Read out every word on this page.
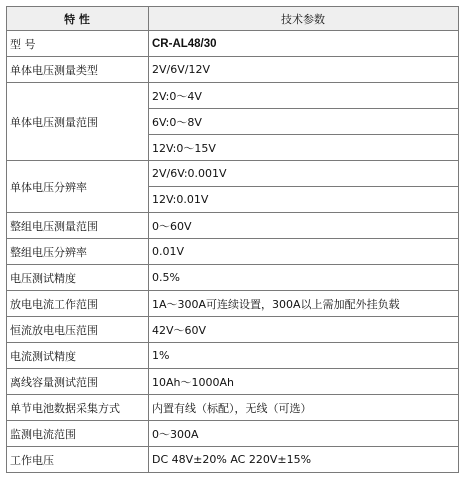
特 性	技术参数
型 号	CR-AL48/30
单体电压测量类型	2V/6V/12V
单体电压测量范围	2V:0～4V
	6V:0～8V
	12V:0～15V
单体电压分辨率	2V/6V:0.001V
	12V:0.01V
整组电压测量范围	0～60V
整组电压分辨率	0.01V
电压测试精度	0.5%
放电电流工作范围	1A～300A可连续设置，300A以上需加配外挂负载
恒流放电电压范围	42V～60V
电流测试精度	1%
离线容量测试范围	10Ah～1000Ah
单节电池数据采集方式	内置有线（标配），无线（可选）
监测电流范围	0～300A
工作电压	DC 48V±20% AC 220V±15%
